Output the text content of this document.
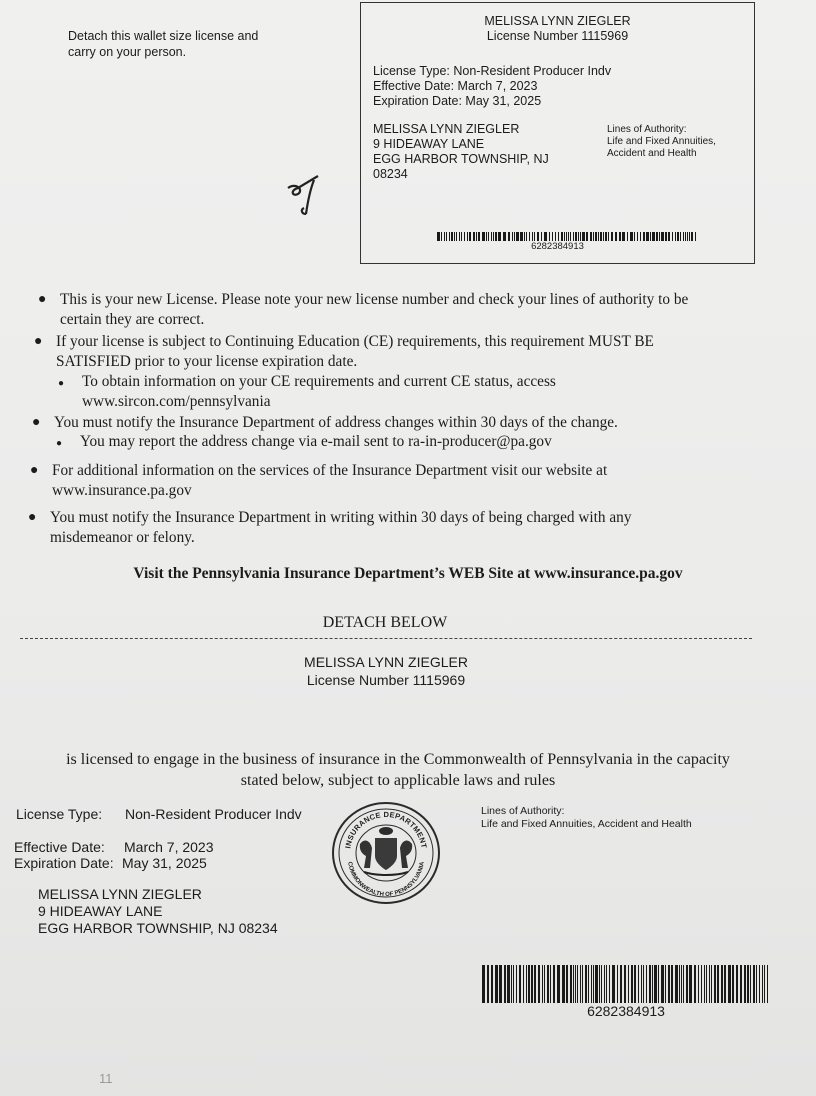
Detach this wallet size license and
carry on your person.
MELISSA LYNN ZIEGLER
License Number 1115969
License Type: Non-Resident Producer Indv
Effective Date: March 7, 2023
Expiration Date: May 31, 2025
MELISSA LYNN ZIEGLER
9 HIDEAWAY LANE
EGG HARBOR TOWNSHIP, NJ
08234
Lines of Authority:
Life and Fixed Annuities,
Accident and Health
6282384913
● This is your new License. Please note your new license number and check your lines of authority to be
certain they are correct.
● If your license is subject to Continuing Education (CE) requirements, this requirement MUST BE
SATISFIED prior to your license expiration date.
● To obtain information on your CE requirements and current CE status, access
www.sircon.com/pennsylvania
● You must notify the Insurance Department of address changes within 30 days of the change.
● You may report the address change via e-mail sent to ra-in-producer@pa.gov
● For additional information on the services of the Insurance Department visit our website at
www.insurance.pa.gov
● You must notify the Insurance Department in writing within 30 days of being charged with any
misdemeanor or felony.
Visit the Pennsylvania Insurance Department’s WEB Site at www.insurance.pa.gov
DETACH BELOW
MELISSA LYNN ZIEGLER
License Number 1115969
is licensed to engage in the business of insurance in the Commonwealth of Pennsylvania in the capacity
stated below, subject to applicable laws and rules
License Type: Non-Resident Producer Indv
Effective Date: March 7, 2023
Expiration Date: May 31, 2025
MELISSA LYNN ZIEGLER
9 HIDEAWAY LANE
EGG HARBOR TOWNSHIP, NJ 08234
Lines of Authority:
Life and Fixed Annuities, Accident and Health
INSURANCE DEPARTMENT
COMMONWEALTH OF PENNSYLVANIA
6282384913
11
